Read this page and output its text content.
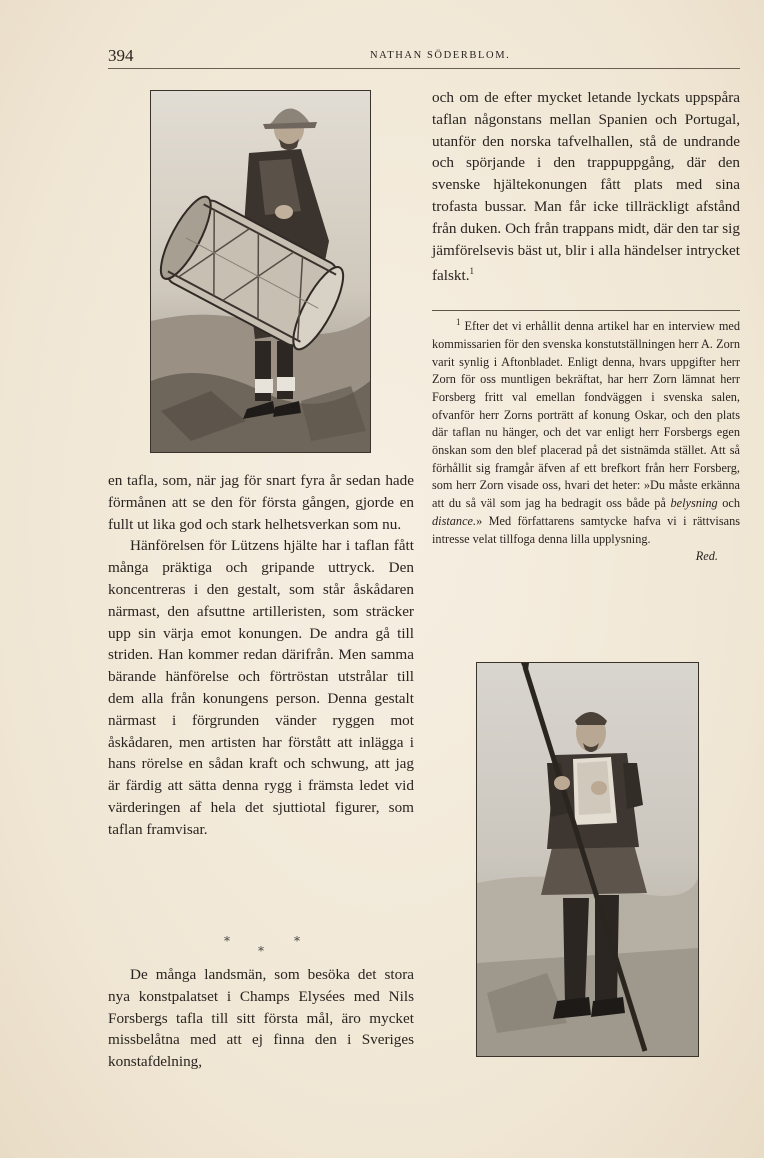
394	NATHAN SÖDERBLOM.

och om de efter mycket letande lyckats uppspåra taflan någonstans mellan Spanien och Portugal, utanför den norska tafvelhallen, stå de undrande och spörjande i den trappuppgång, där den svenske hjältekonungen fått plats med sina trofasta bussar. Man får icke tillräckligt afstånd från duken. Och från trappans midt, där den tar sig jämförelsevis bäst ut, blir i alla händelser intrycket falskt.$^1$

$^1$ Efter det vi erhållit denna artikel har en interview med kommissarien för den svenska konstutställningen herr A. Zorn varit synlig i Aftonbladet. Enligt denna, hvars uppgifter herr Zorn för oss muntligen bekräftat, har herr Zorn lämnat herr Forsberg fritt val emellan fondväggen i svenska salen, ofvanför herr Zorns porträtt af konung Oskar, och den plats där taflan nu hänger, och det var enligt herr Forsbergs egen önskan som den blef placerad på det sistnämda stället. Att så förhållit sig framgår äfven af ett brefkort från herr Forsberg, som herr Zorn visade oss, hvari det heter: »Du måste erkänna att du så väl som jag ha bedragit oss både på belysning och distance.» Med författarens samtycke hafva vi i rättvisans intresse velat tillfoga denna lilla upplysning.

Red.

en tafla, som, när jag för snart fyra år sedan hade förmånen att se den för första gången, gjorde en fullt ut lika god och stark helhetsverkan som nu.

Hänförelsen för Lützens hjälte har i taflan fått många präktiga och gripande uttryck. Den koncentreras i den gestalt, som står åskådaren närmast, den afsuttne artilleristen, som sträcker upp sin värja emot konungen. De andra gå till striden. Han kommer redan därifrån. Men samma bärande hänförelse och förtröstan utstrålar till dem alla från konungens person. Denna gestalt närmast i förgrunden vänder ryggen mot åskådaren, men artisten har förstått att inlägga i hans rörelse en sådan kraft och schwung, att jag är färdig att sätta denna rygg i främsta ledet vid värderingen af hela det sjuttiotal figurer, som taflan framvisar.

*	*
*

De många landsmän, som besöka det stora nya konstpalatset i Champs Elysées med Nils Forsbergs tafla till sitt första mål, äro mycket missbelåtna med att ej finna den i Sveriges konstafdelning,
